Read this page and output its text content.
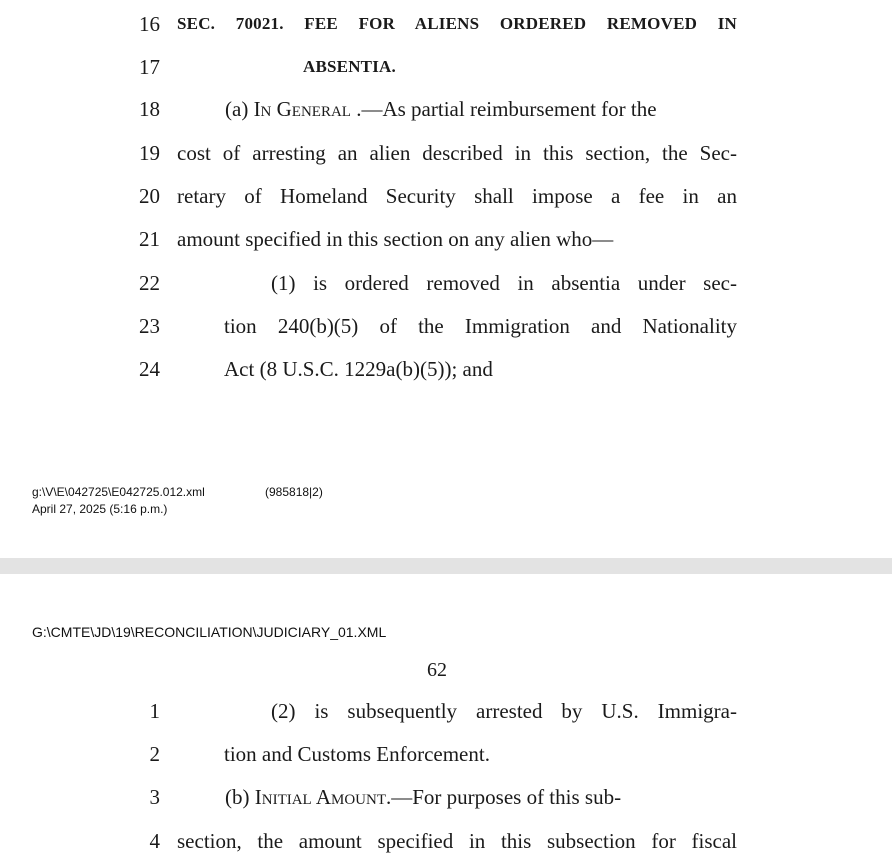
16 SEC. 70021. FEE FOR ALIENS ORDERED REMOVED IN
17	ABSENTIA.
18	(a) In General .—As partial reimbursement for the
19 cost of arresting an alien described in this section, the Sec-
20 retary of Homeland Security shall impose a fee in an
21 amount specified in this section on any alien who—
22	(1) is ordered removed in absentia under sec-
23	tion 240(b)(5) of the Immigration and Nationality
24	Act (8 U.S.C. 1229a(b)(5)); and
g:\V\E\042725\E042725.012.xml	(985818|2)
April 27, 2025 (5:16 p.m.)
G:\CMTE\JD\19\RECONCILIATION\JUDICIARY_01.XML
62
1	(2) is subsequently arrested by U.S. Immigra-
2	tion and Customs Enforcement.
3	(b) Initial Amount.—For purposes of this sub-
4 section, the amount specified in this subsection for fiscal
